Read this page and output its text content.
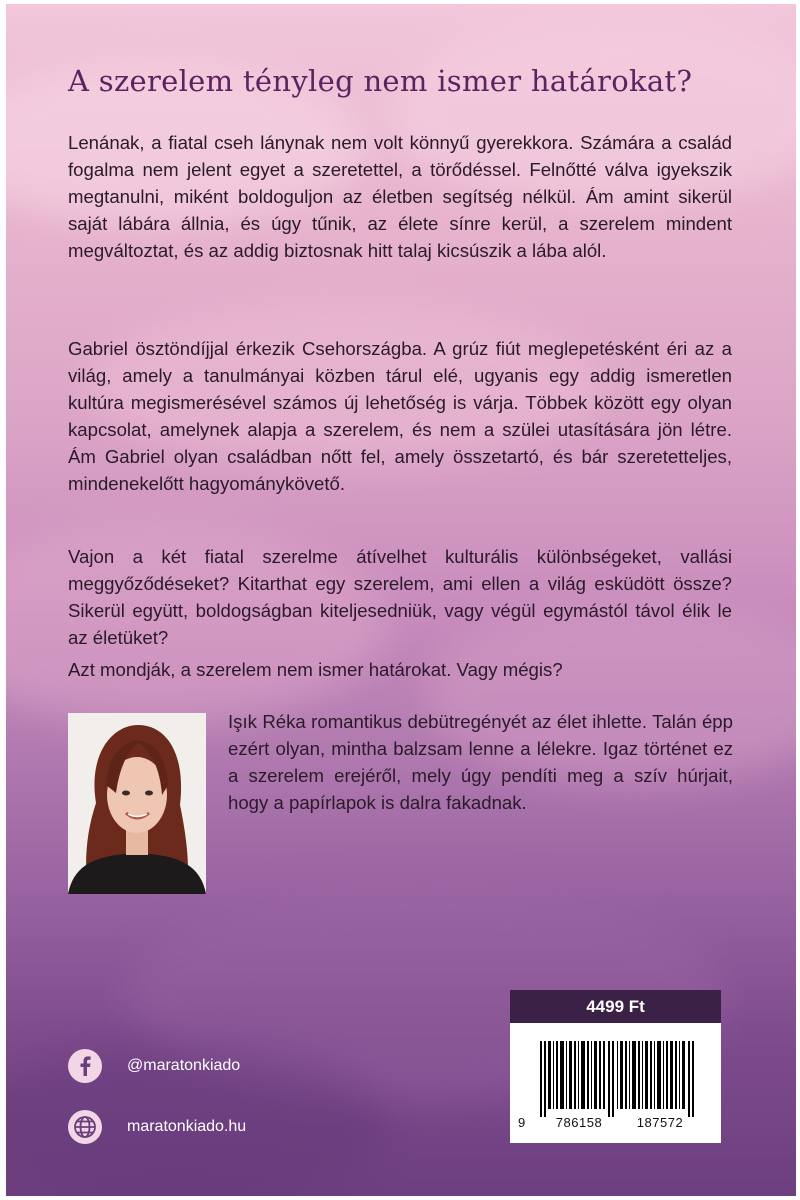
A szerelem tényleg nem ismer határokat?

Lenának, a fiatal cseh lánynak nem volt könnyű gyerekkora. Számára a család fogalma nem jelent egyet a szeretettel, a törődéssel. Felnőtté válva igyekszik megtanulni, miként boldoguljon az életben segítség nélkül. Ám amint sikerül saját lábára állnia, és úgy tűnik, az élete sínre kerül, a szerelem mindent megváltoztat, és az addig biztosnak hitt talaj kicsúszik a lába alól.

Gabriel ösztöndíjjal érkezik Csehországba. A grúz fiút meglepetésként éri az a világ, amely a tanulmányai közben tárul elé, ugyanis egy addig ismeretlen kultúra megismerésével számos új lehetőség is várja. Többek között egy olyan kapcsolat, amelynek alapja a szerelem, és nem a szülei utasítására jön létre. Ám Gabriel olyan családban nőtt fel, amely összetartó, és bár szeretetteljes, mindenekelőtt hagyománykövető.

Vajon a két fiatal szerelme átívelhet kulturális különbségeket, vallási meggyőződéseket? Kitarthat egy szerelem, ami ellen a világ esküdött össze? Sikerül együtt, boldogságban kiteljesedniük, vagy végül egymástól távol élik le az életüket?

Azt mondják, a szerelem nem ismer határokat. Vagy mégis?

Işık Réka romantikus debütregényét az élet ihlette. Talán épp ezért olyan, mintha balzsam lenne a lélekre. Igaz történet ez a szerelem erejéről, mely úgy pendíti meg a szív húrjait, hogy a papírlapok is dalra fakadnak.

4499 Ft
9	786158	187572
@maratonkiado
maratonkiado.hu
